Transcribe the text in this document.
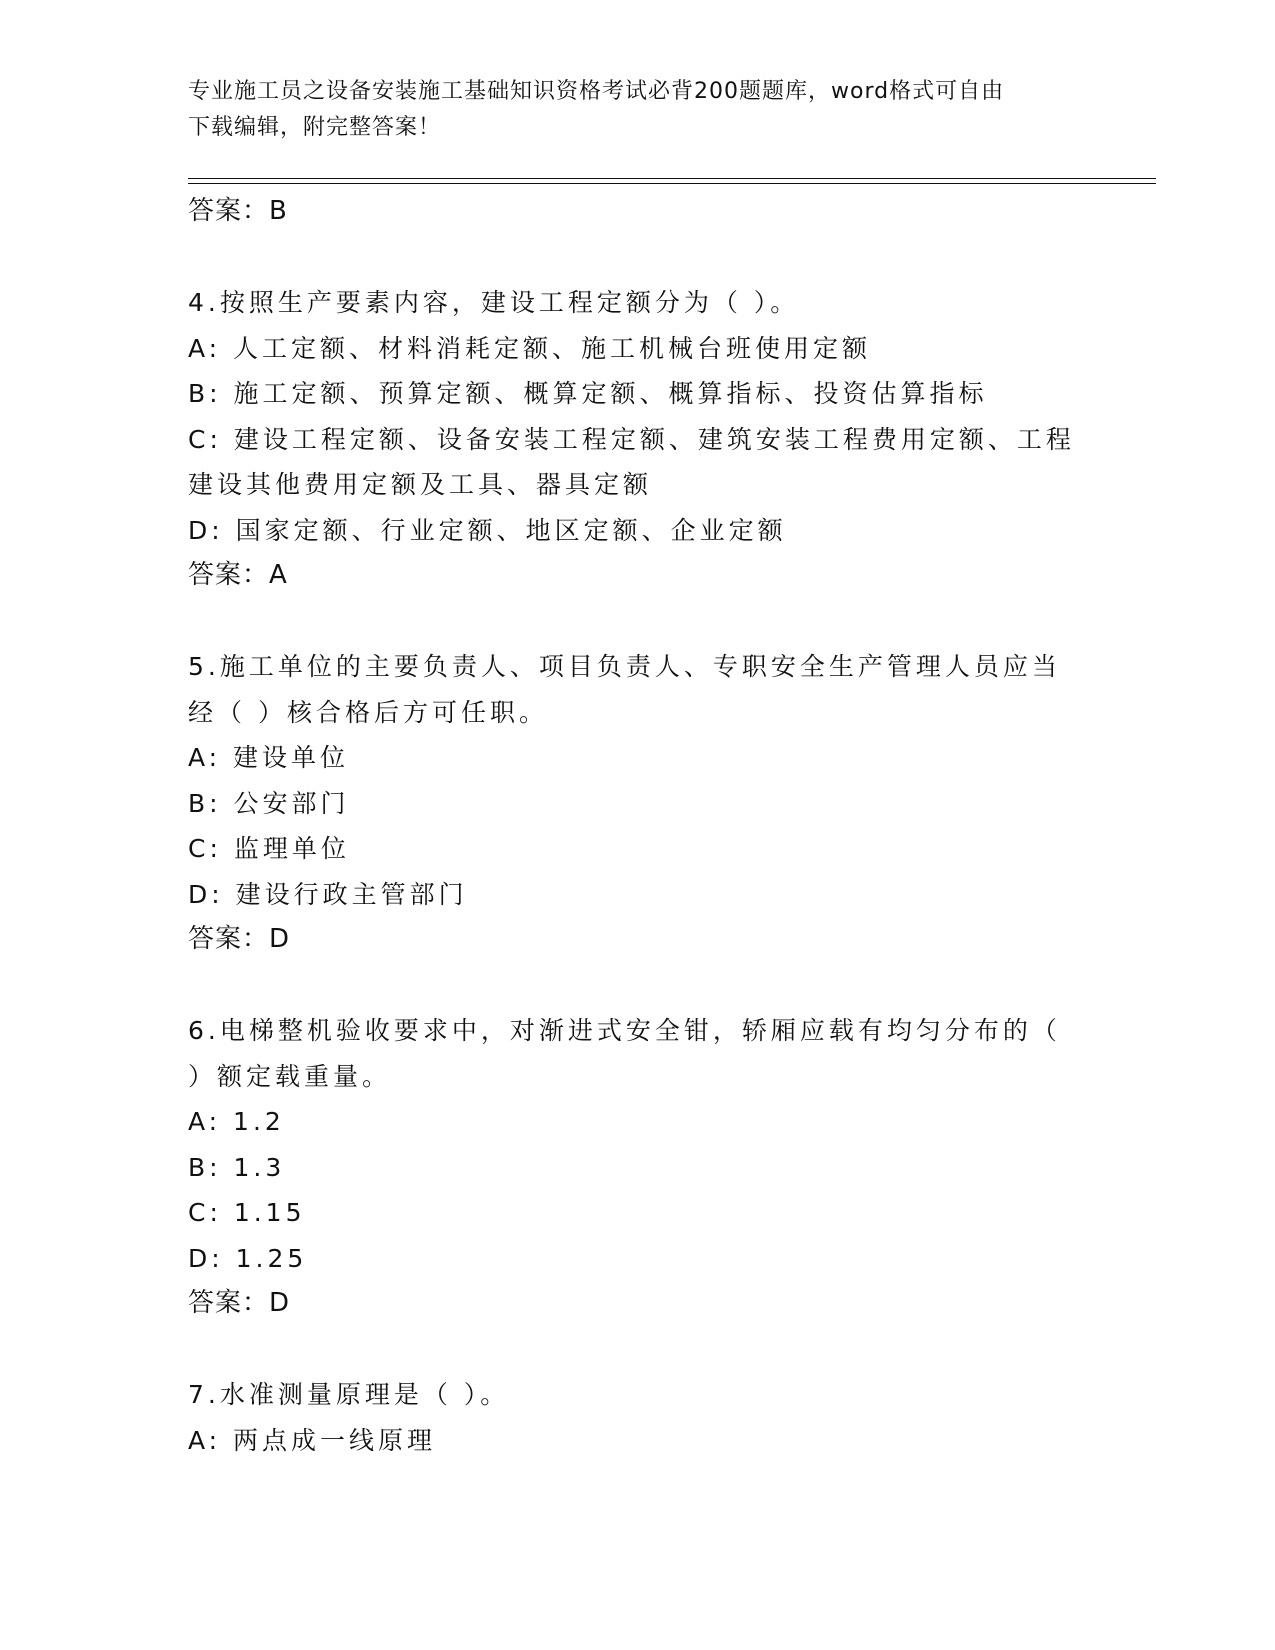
专业施工员之设备安装施工基础知识资格考试必背200题题库，word格式可自由
下载编辑，附完整答案！
答案：B
4.按照生产要素内容，建设工程定额分为（ ）。
A: 人工定额、材料消耗定额、施工机械台班使用定额
B: 施工定额、预算定额、概算定额、概算指标、投资估算指标
C: 建设工程定额、设备安装工程定额、建筑安装工程费用定额、工程
建设其他费用定额及工具、器具定额
D: 国家定额、行业定额、地区定额、企业定额
答案：A
5.施工单位的主要负责人、项目负责人、专职安全生产管理人员应当
经（ ）核合格后方可任职。
A: 建设单位
B: 公安部门
C: 监理单位
D: 建设行政主管部门
答案：D
6.电梯整机验收要求中，对渐进式安全钳，轿厢应载有均匀分布的（
）额定载重量。
A: 1.2
B: 1.3
C: 1.15
D: 1.25
答案：D
7.水准测量原理是（ ）。
A: 两点成一线原理
